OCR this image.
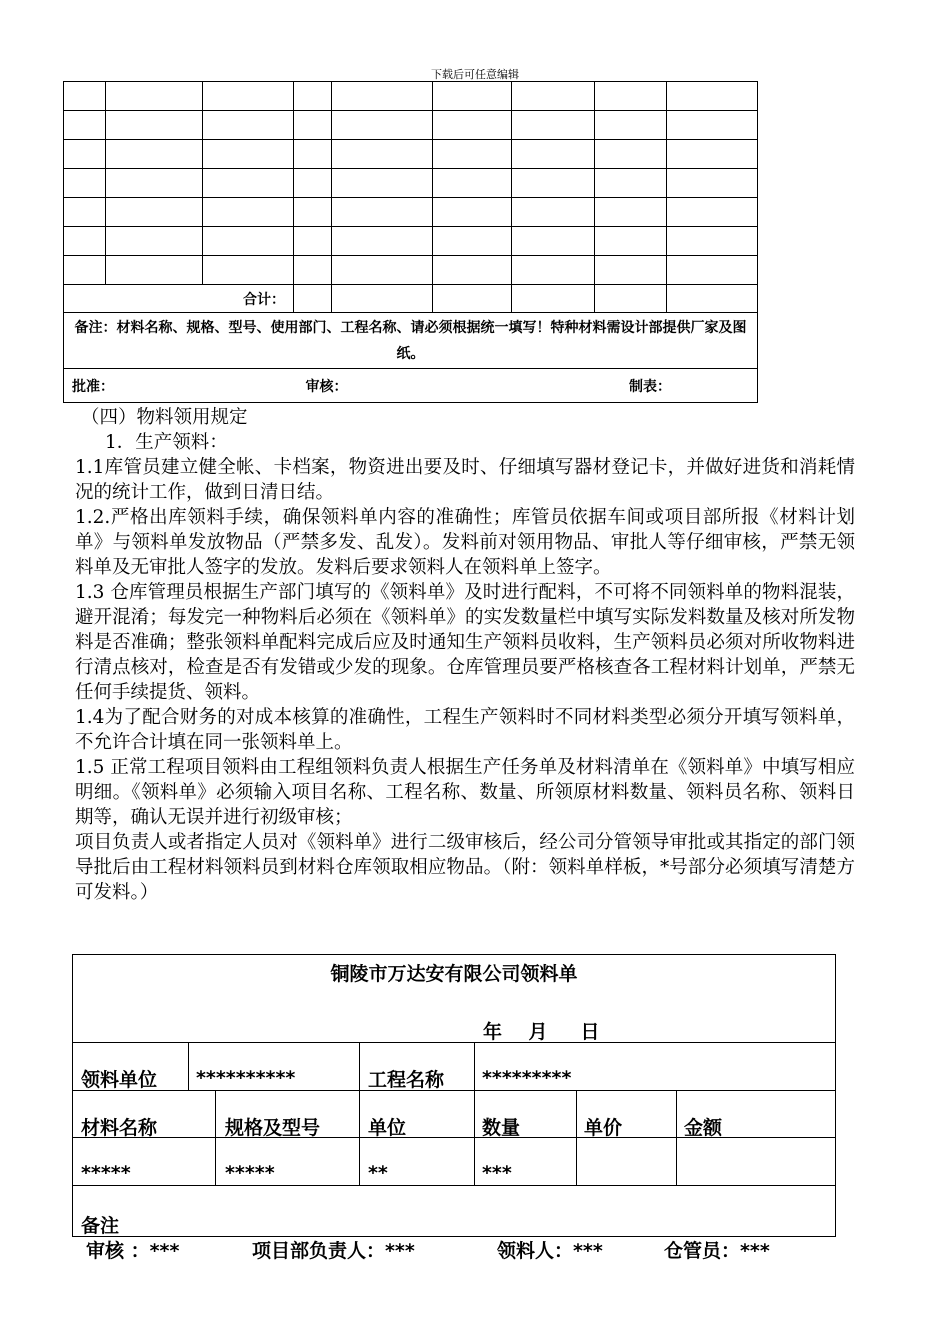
下载后可任意编辑

合计：								
备注：材料名称、规格、型号、使用部门、工程名称、请必须根据统一填写！特种材料需设计部提供厂家及图纸。								

批准： 审核： 制表：								

（四）物料领用规定

1．生产领料：

1.1库管员建立健全帐、卡档案，物资进出要及时、仔细填写器材登记卡，并做好进货和消耗情况的统计工作，做到日清日结。

1.2.严格出库领料手续，确保领料单内容的准确性；库管员依据车间或项目部所报《材料计划单》与领料单发放物品（严禁多发、乱发）。发料前对领用物品、审批人等仔细审核，严禁无领料单及无审批人签字的发放。发料后要求领料人在领料单上签字。

1.3 仓库管理员根据生产部门填写的《领料单》及时进行配料，不可将不同领料单的物料混装，避开混淆；每发完一种物料后必须在《领料单》的实发数量栏中填写实际发料数量及核对所发物料是否准确；整张领料单配料完成后应及时通知生产领料员收料，生产领料员必须对所收物料进行清点核对，检查是否有发错或少发的现象。仓库管理员要严格核查各工程材料计划单，严禁无任何手续提货、领料。

1.4为了配合财务的对成本核算的准确性，工程生产领料时不同材料类型必须分开填写领料单，不允许合计填在同一张领料单上。

1.5 正常工程项目领料由工程组领料负责人根据生产任务单及材料清单在《领料单》中填写相应明细。《领料单》必须输入项目名称、工程名称、数量、所领原材料数量、领料员名称、领料日期等，确认无误并进行初级审核；

项目负责人或者指定人员对《领料单》进行二级审核后，经公司分管领导审批或其指定的部门领导批后由工程材料领料员到材料仓库领取相应物品。（附：领料单样板，*号部分必须填写清楚方可发料。）

铜陵市万达安有限公司领料单
年    月     日
领料单位 **********	工程名称 *********
材料名称	规格及型号	单位	数量	单价	金额
*****	*****	**	***
备注
审核 ：***	项目部负责人：***	领料人：***	仓管员：***
